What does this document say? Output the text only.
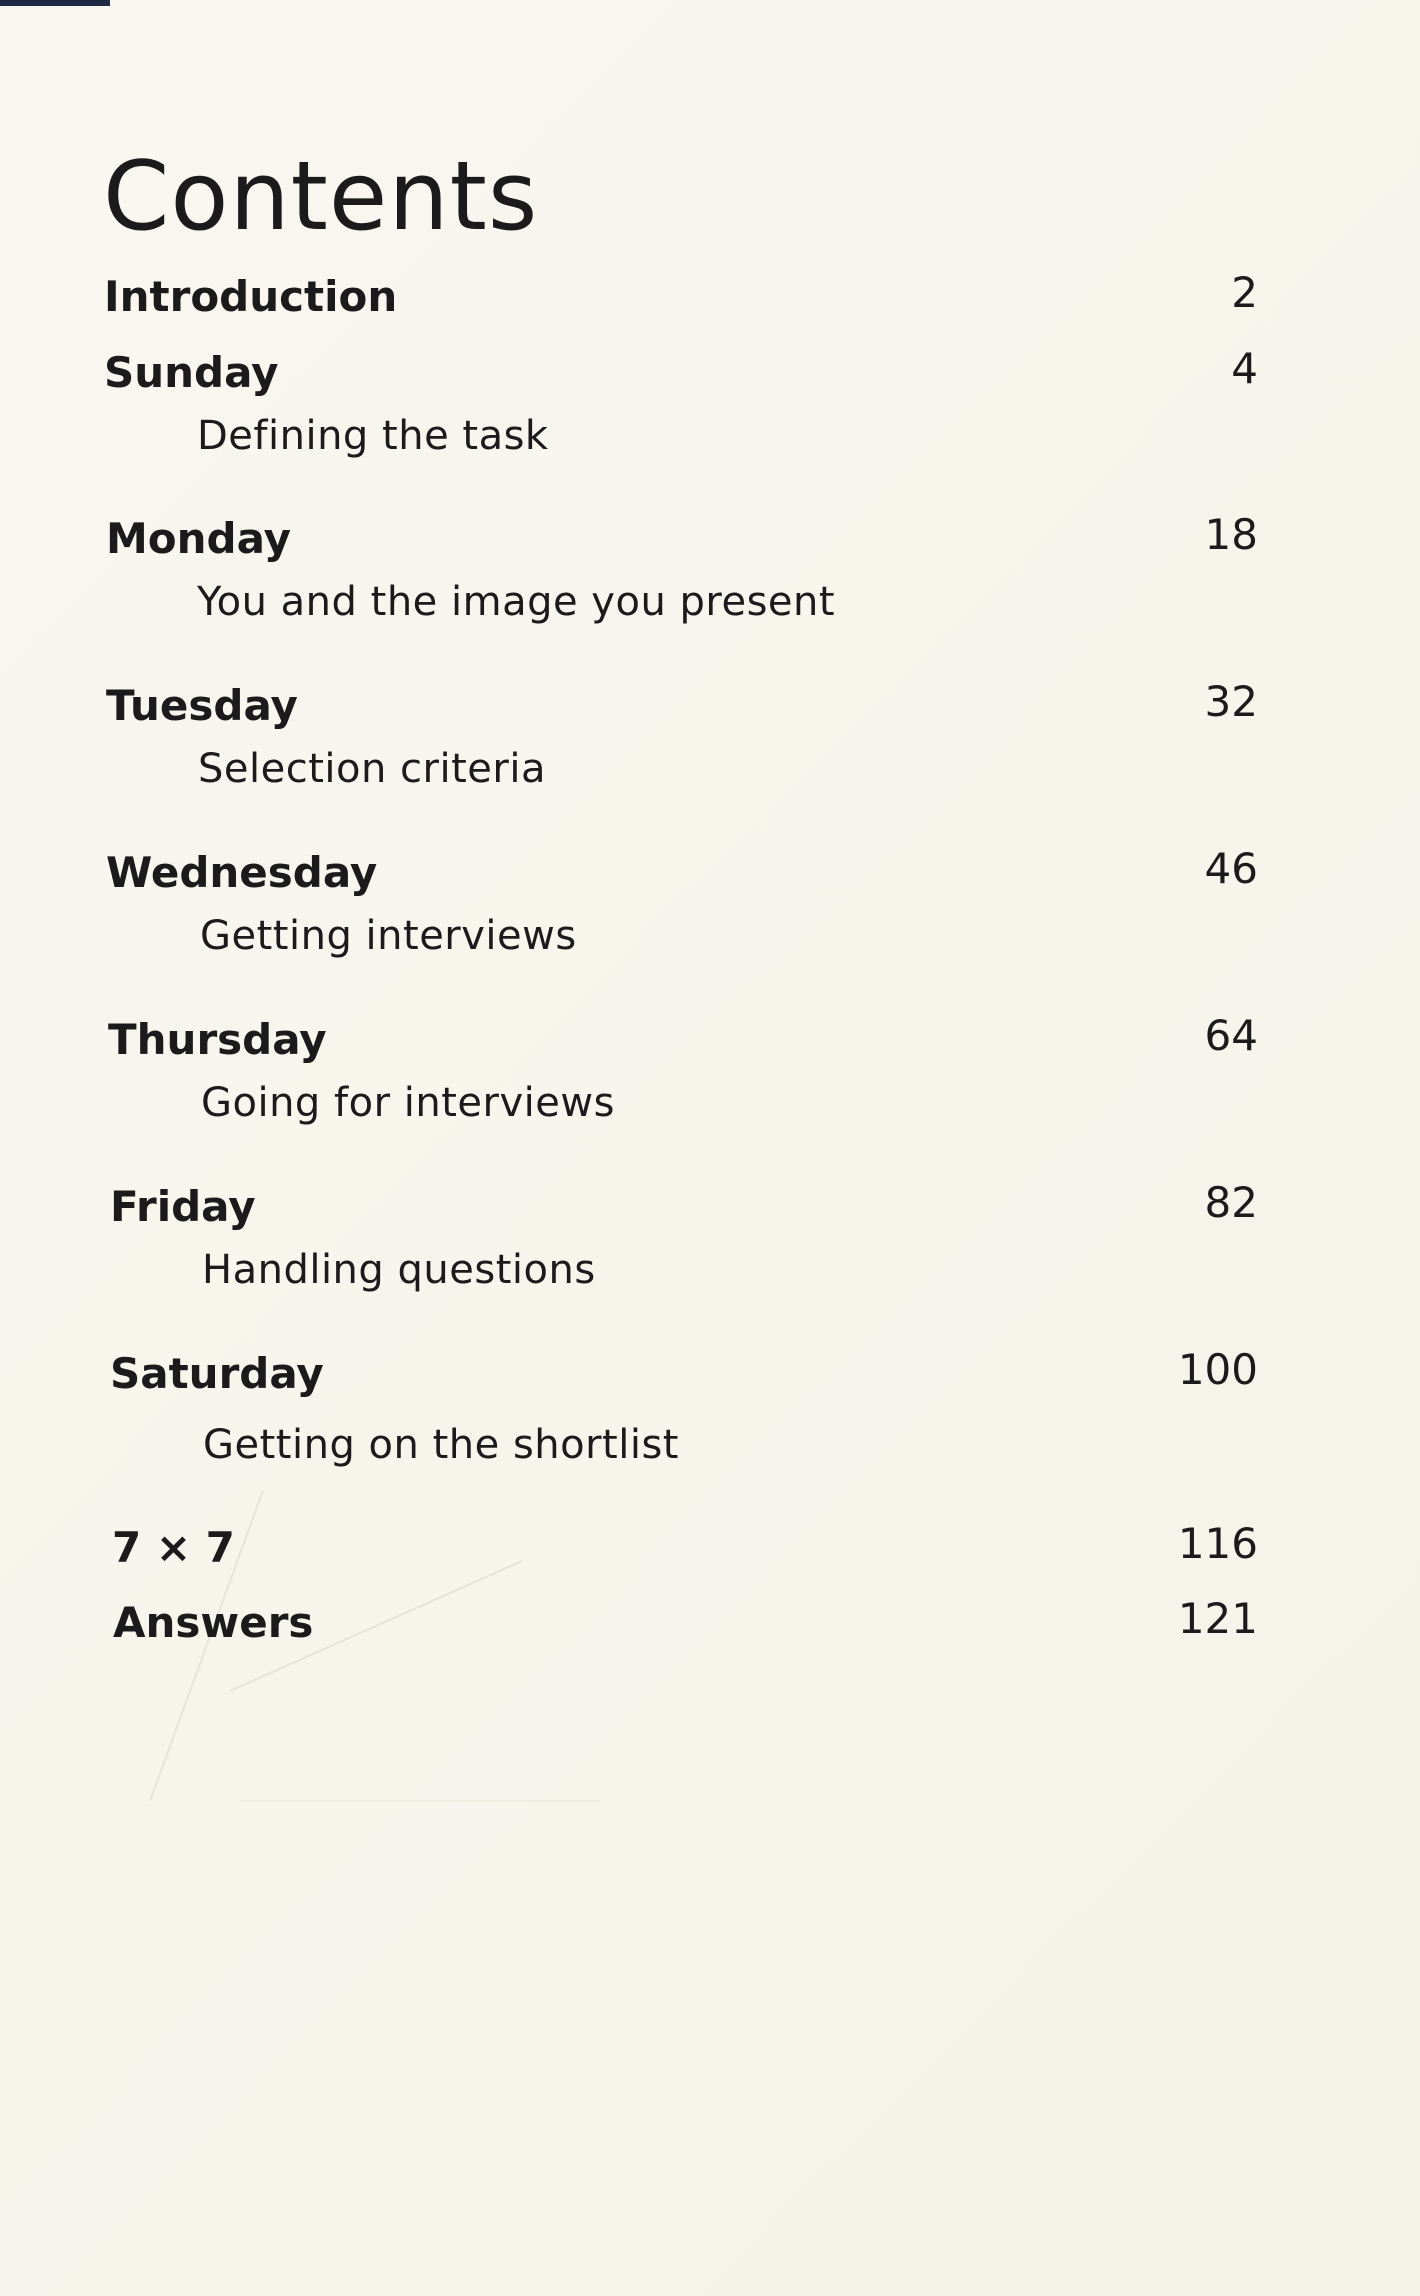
Contents
Introduction	2
Sunday	4
Defining the task
Monday	18
You and the image you present
Tuesday	32
Selection criteria
Wednesday	46
Getting interviews
Thursday	64
Going for interviews
Friday	82
Handling questions
Saturday	100
Getting on the shortlist
7 × 7	116
Answers	121
